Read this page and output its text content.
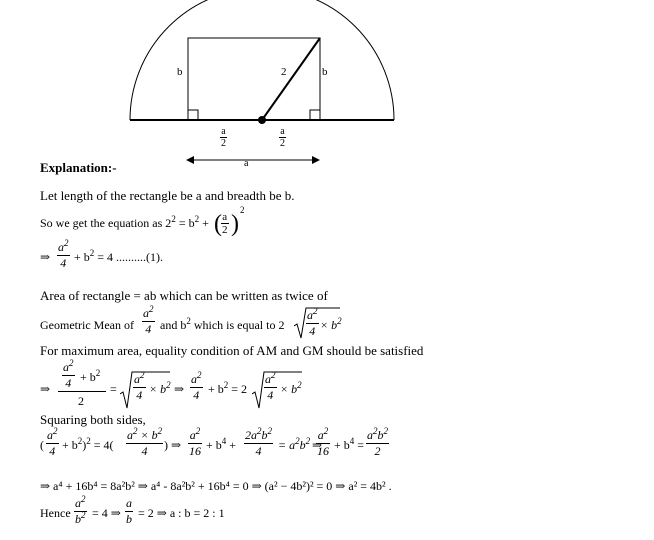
b	b
2
$\frac{a}{2}$	$\frac{a}{2}$
a
Explanation:-
Let length of the rectangle be a and breadth be b.
So we get the equation as $2^2 = b^2$ + ( $\frac{a}{2}$ )
2
⇒ $\frac{a^2}{4} + b^2 = 4$ ..........(1).
Area of rectangle = ab which can be written as twice of
Geometric Mean of $\frac{a^2}{4}$ and $b^2$ which is equal to $2 \frac{a^2}{4} \times b^2$
For maximum area, equality condition of AM and GM should be satisfied
⇒ $\frac{a^2}{4} + b^2$
2
= $\frac{a^2}{4} \times b^2$ ⇒ $\frac{a^2}{4} + b^2 = 2 \frac{a^2}{4} \times b^2$
Squaring both sides,
( $\frac{a^2}{4} + b^2)^2 = 4( \frac{a^2 \times b^2}{4}$ ) ⇒ $\frac{a^2}{16} + b^4 + \frac{2a^2b^2}{4} = a^2b^2$ ⇒
$\frac{a^2}{16} + b^4 = \frac{a^2b^2}{2}$
⇒ a⁴ + 16b⁴ = 8a²b² ⇒ a⁴ - 8a²b² + 16b⁴ = 0 ⇒ (a² − 4b²)² = 0 ⇒ a² = 4b² .
Hence $\frac{a^2}{b^2} = 4$ ⇒ $\frac{a}{b} = 2$ ⇒ a : b = 2 : 1
